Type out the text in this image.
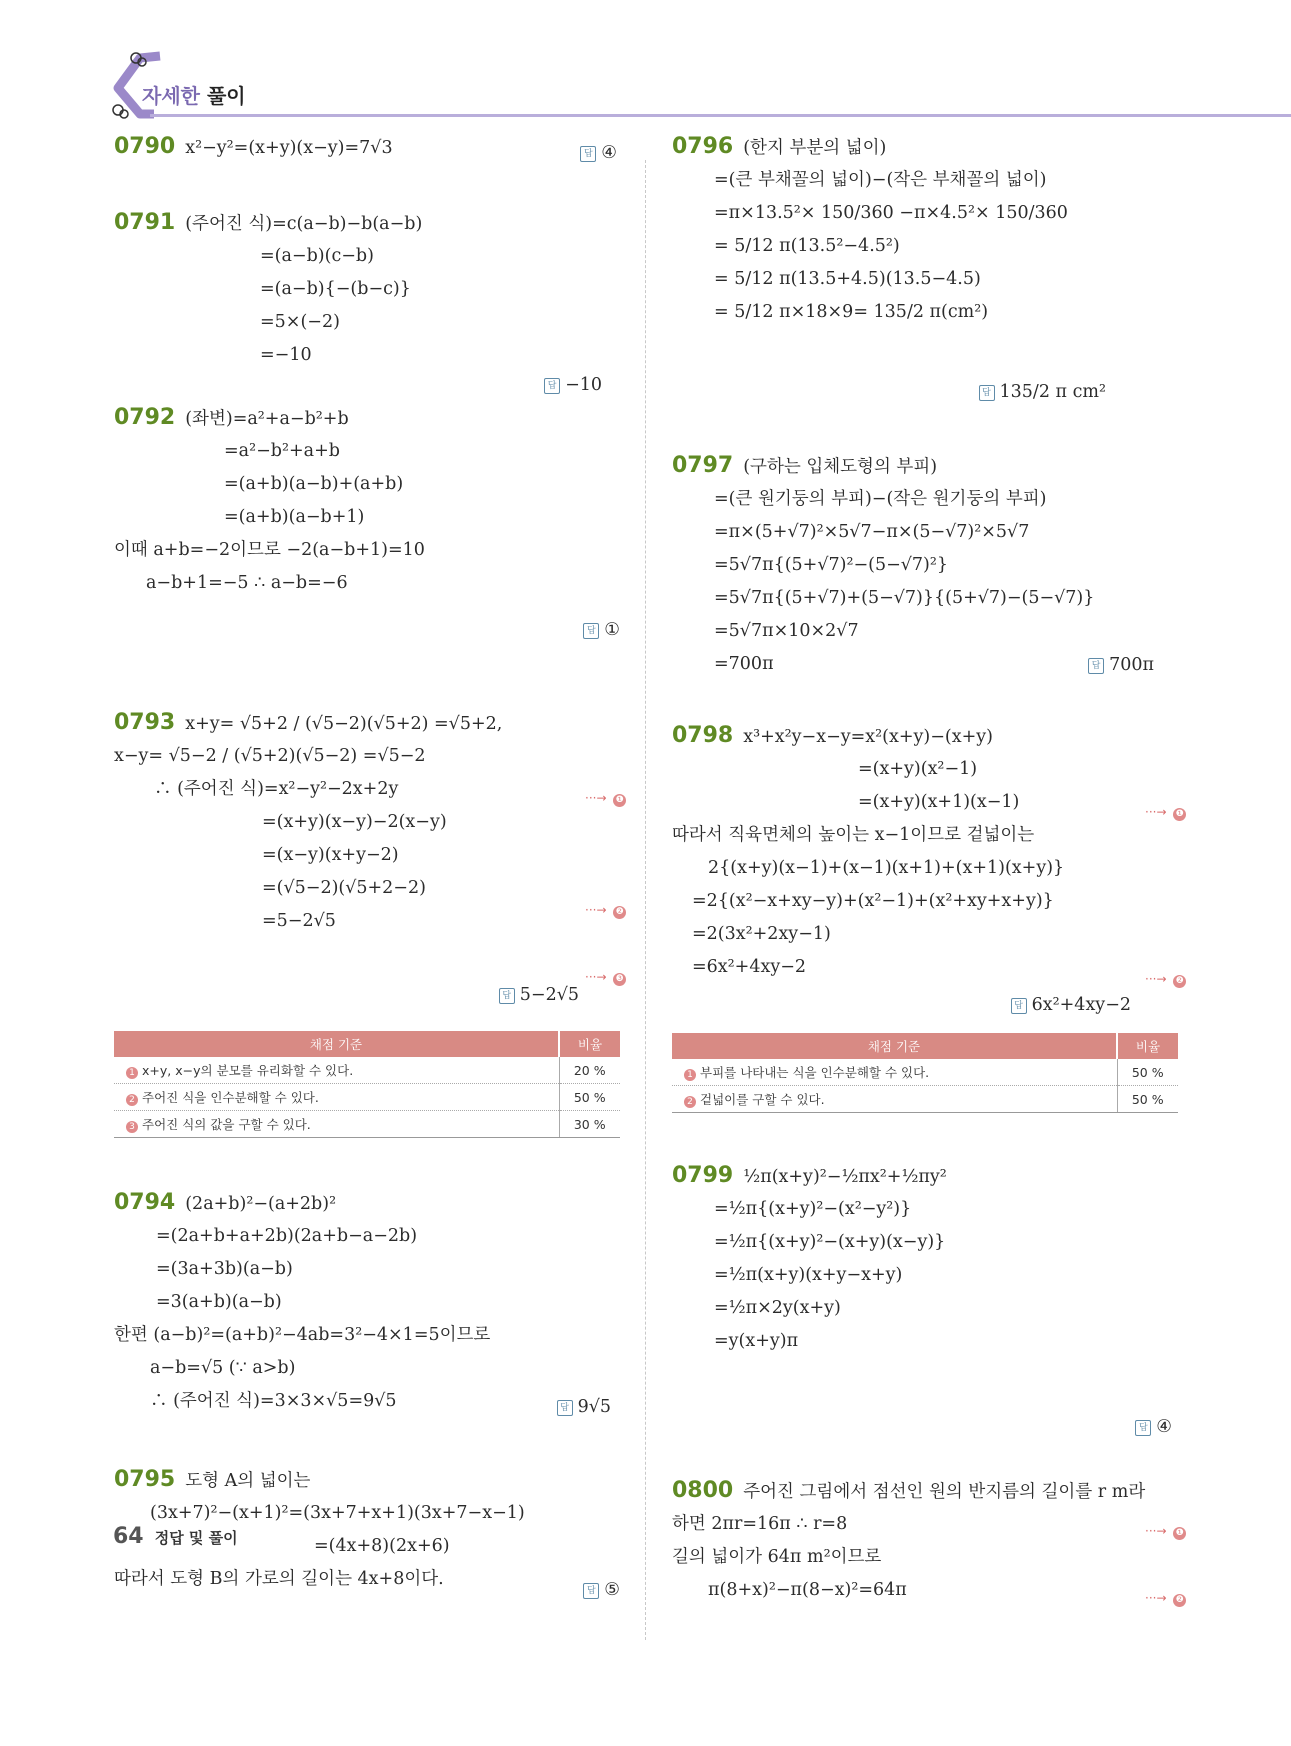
자세한 풀이
0790 x²−y²=(x+y)(x−y)=7√3	답 ④
0791 (주어진 식)=c(a−b)−b(a−b)
=(a−b)(c−b)
=(a−b){−(b−c)}
=5×(−2)
=−10
답 −10
0792 (좌변)=a²+a−b²+b
=a²−b²+a+b
=(a+b)(a−b)+(a+b)
=(a+b)(a−b+1)
이때 a+b=−2이므로 −2(a−b+1)=10
a−b+1=−5 ∴ a−b=−6
답 ①
0793 x+y= √5+2 / (√5−2)(√5+2) =√5+2,
x−y= √5−2 / (√5+2)(√5−2) =√5−2
∴ (주어진 식)=x²−y²−2x+2y
=(x+y)(x−y)−2(x−y)
=(x−y)(x+y−2)
=(√5−2)(√5+2−2)
=5−2√5
답 5−2√5
0794 (2a+b)²−(a+2b)²
=(2a+b+a+2b)(2a+b−a−2b)
=(3a+3b)(a−b)
=3(a+b)(a−b)
한편 (a−b)²=(a+b)²−4ab=3²−4×1=5이므로
a−b=√5 (∵ a>b)
∴ (주어진 식)=3×3×√5=9√5	답 9√5
0795 도형 A의 넓이는
(3x+7)²−(x+1)²=(3x+7+x+1)(3x+7−x−1)
=(4x+8)(2x+6)
따라서 도형 B의 가로의 길이는 4x+8이다.
답 ⑤
0796 (한지 부분의 넓이)
=(큰 부채꼴의 넓이)−(작은 부채꼴의 넓이)
=π×13.5²× 150/360 −π×4.5²× 150/360
= 5/12 π(13.5²−4.5²)
= 5/12 π(13.5+4.5)(13.5−4.5)
= 5/12 π×18×9= 135/2 π(cm²)
답 135/2 π cm²
0797 (구하는 입체도형의 부피)
=(큰 원기둥의 부피)−(작은 원기둥의 부피)
=π×(5+√7)²×5√7−π×(5−√7)²×5√7
=5√7π{(5+√7)²−(5−√7)²}
=5√7π{(5+√7)+(5−√7)}{(5+√7)−(5−√7)}
=5√7π×10×2√7
=700π	답 700π
0798 x³+x²y−x−y=x²(x+y)−(x+y)
=(x+y)(x²−1)
=(x+y)(x+1)(x−1)
따라서 직육면체의 높이는 x−1이므로 겉넓이는
2{(x+y)(x−1)+(x−1)(x+1)+(x+1)(x+y)}
=2{(x²−x+xy−y)+(x²−1)+(x²+xy+x+y)}
=2(3x²+2xy−1)
=6x²+4xy−2
답 6x²+4xy−2
0799 ½π(x+y)²−½πx²+½πy²
=½π{(x+y)²−(x²−y²)}
=½π{(x+y)²−(x+y)(x−y)}
=½π(x+y)(x+y−x+y)
=½π×2y(x+y)
=y(x+y)π
답 ④
0800 주어진 그림에서 점선인 원의 반지름의 길이를 r m라
하면 2πr=16π ∴ r=8
길의 넓이가 64π m²이므로
π(8+x)²−π(8−x)²=64π
···→ ❶
···→ ❷
···→ ❸
···→ ❶
···→ ❷
···→ ❶
···→ ❷
채점 기준	비율
1 x+y, x−y의 분모를 유리화할 수 있다.	20 %
2 주어진 식을 인수분해할 수 있다.	50 %
3 주어진 식의 값을 구할 수 있다.	30 %
채점 기준	비율
1 부피를 나타내는 식을 인수분해할 수 있다.	50 %
2 겉넓이를 구할 수 있다.	50 %
64 정답 및 풀이
